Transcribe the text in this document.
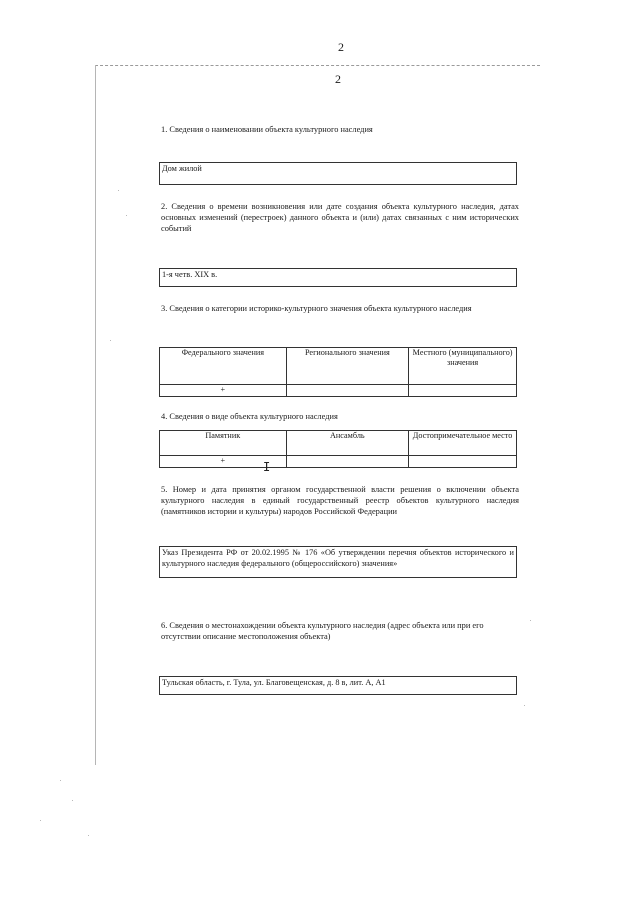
2
2
1. Сведения о наименовании объекта культурного наследия
Дом жилой
2. Сведения о времени возникновения или дате создания объекта культурного наследия, датах основных изменений (перестроек) данного объекта и (или) датах связанных с ним исторических событий
1-я четв. XIX в.
3. Сведения о категории историко-культурного значения объекта культурного наследия
Федерального значения	Регионального значения	Местного (муниципального) значения
+		
4. Сведения о виде объекта культурного наследия
Памятник	Ансамбль	Достопримечательное место
+			I
5. Номер и дата принятия органом государственной власти решения о включении объекта культурного наследия в единый государственный реестр объектов культурного наследия (памятников истории и культуры) народов Российской Федерации
Указ Президента РФ от 20.02.1995 № 176 «Об утверждении перечня объектов исторического и культурного наследия федерального (общероссийского) значения»
6. Сведения о местонахождении объекта культурного наследия (адрес объекта или при его отсутствии описание местоположения объекта)
Тульская область, г. Тула, ул. Благовещенская, д. 8 в, лит. А, А1
